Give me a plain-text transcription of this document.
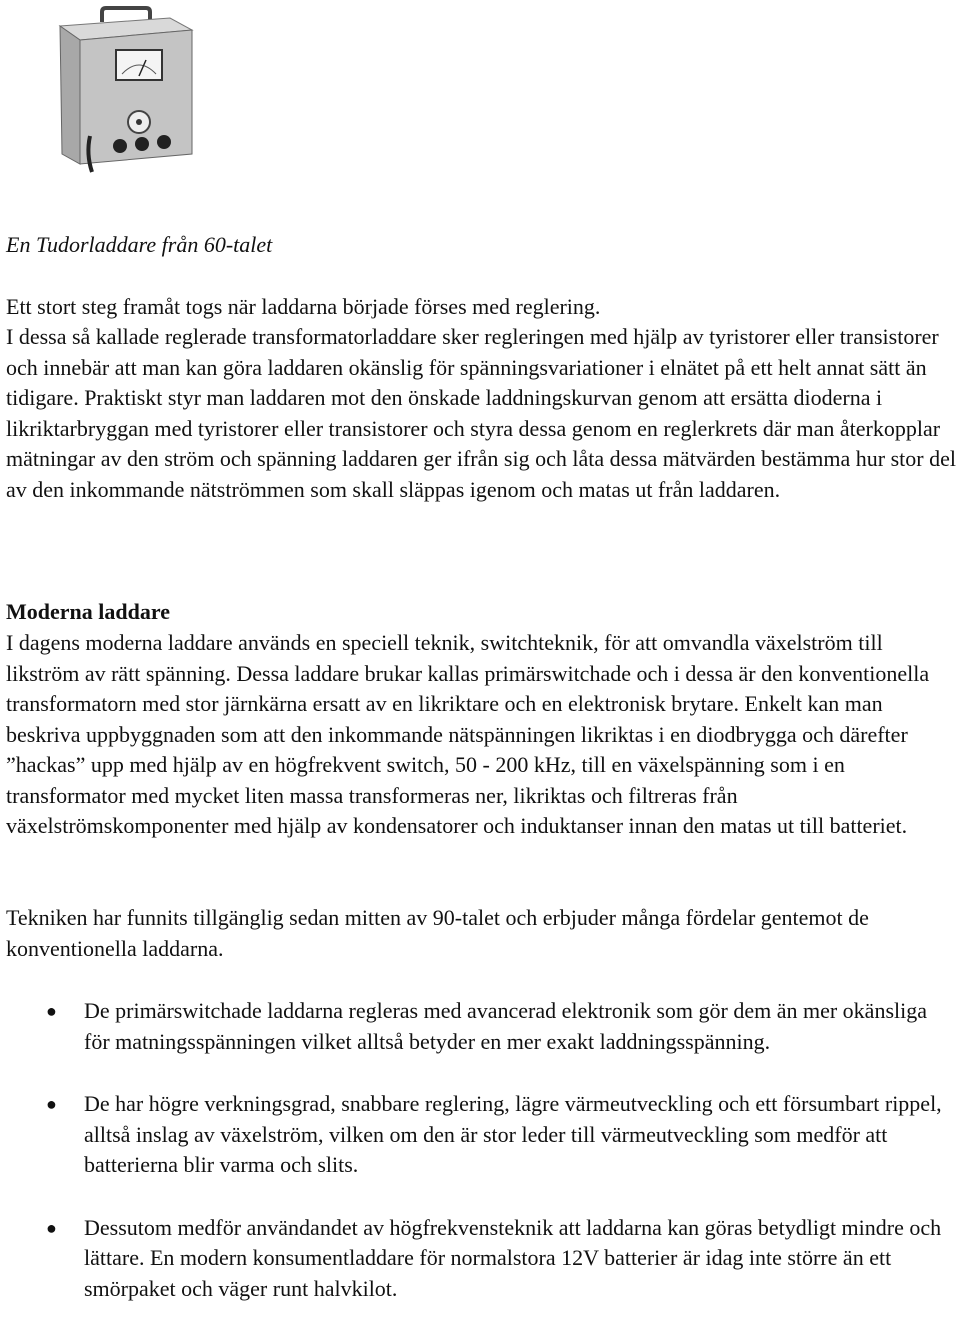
En Tudorladdare från 60-talet

Ett stort steg framåt togs när laddarna började förses med reglering.

I dessa så kallade reglerade transformatorladdare sker regleringen med hjälp av tyristorer eller transistorer och innebär att man kan göra laddaren okänslig för spänningsvariationer i elnätet på ett helt annat sätt än tidigare. Praktiskt styr man laddaren mot den önskade laddningskurvan genom att ersätta dioderna i likriktarbryggan med tyristorer eller transistorer och styra dessa genom en reglerkrets där man återkopplar mätningar av den ström och spänning laddaren ger ifrån sig och låta dessa mätvärden bestämma hur stor del av den inkommande nätströmmen som skall släppas igenom och matas ut från laddaren.

Moderna laddare

I dagens moderna laddare används en speciell teknik, switchteknik, för att omvandla växelström till likström av rätt spänning. Dessa laddare brukar kallas primärswitchade och i dessa är den konventionella transformatorn med stor järnkärna ersatt av en likriktare och en elektronisk brytare. Enkelt kan man beskriva uppbyggnaden som att den inkommande nätspänningen likriktas i en diodbrygga och därefter ”hackas” upp med hjälp av en högfrekvent switch, 50 - 200 kHz, till en växelspänning som i en transformator med mycket liten massa transformeras ner, likriktas och filtreras från växelströmskomponenter med hjälp av kondensatorer och induktanser innan den matas ut till batteriet.

Tekniken har funnits tillgänglig sedan mitten av 90-talet och erbjuder många fördelar gentemot de konventionella laddarna.

● De primärswitchade laddarna regleras med avancerad elektronik som gör dem än mer okänsliga för matningsspänningen vilket alltså betyder en mer exakt laddningsspänning.
● De har högre verkningsgrad, snabbare reglering, lägre värmeutveckling och ett försumbart rippel, alltså inslag av växelström, vilken om den är stor leder till värmeutveckling som medför att batterierna blir varma och slits.
● Dessutom medför användandet av högfrekvensteknik att laddarna kan göras betydligt mindre och lättare. En modern konsumentladdare för normalstora 12V batterier är idag inte större än ett smörpaket och väger runt halvkilot.
